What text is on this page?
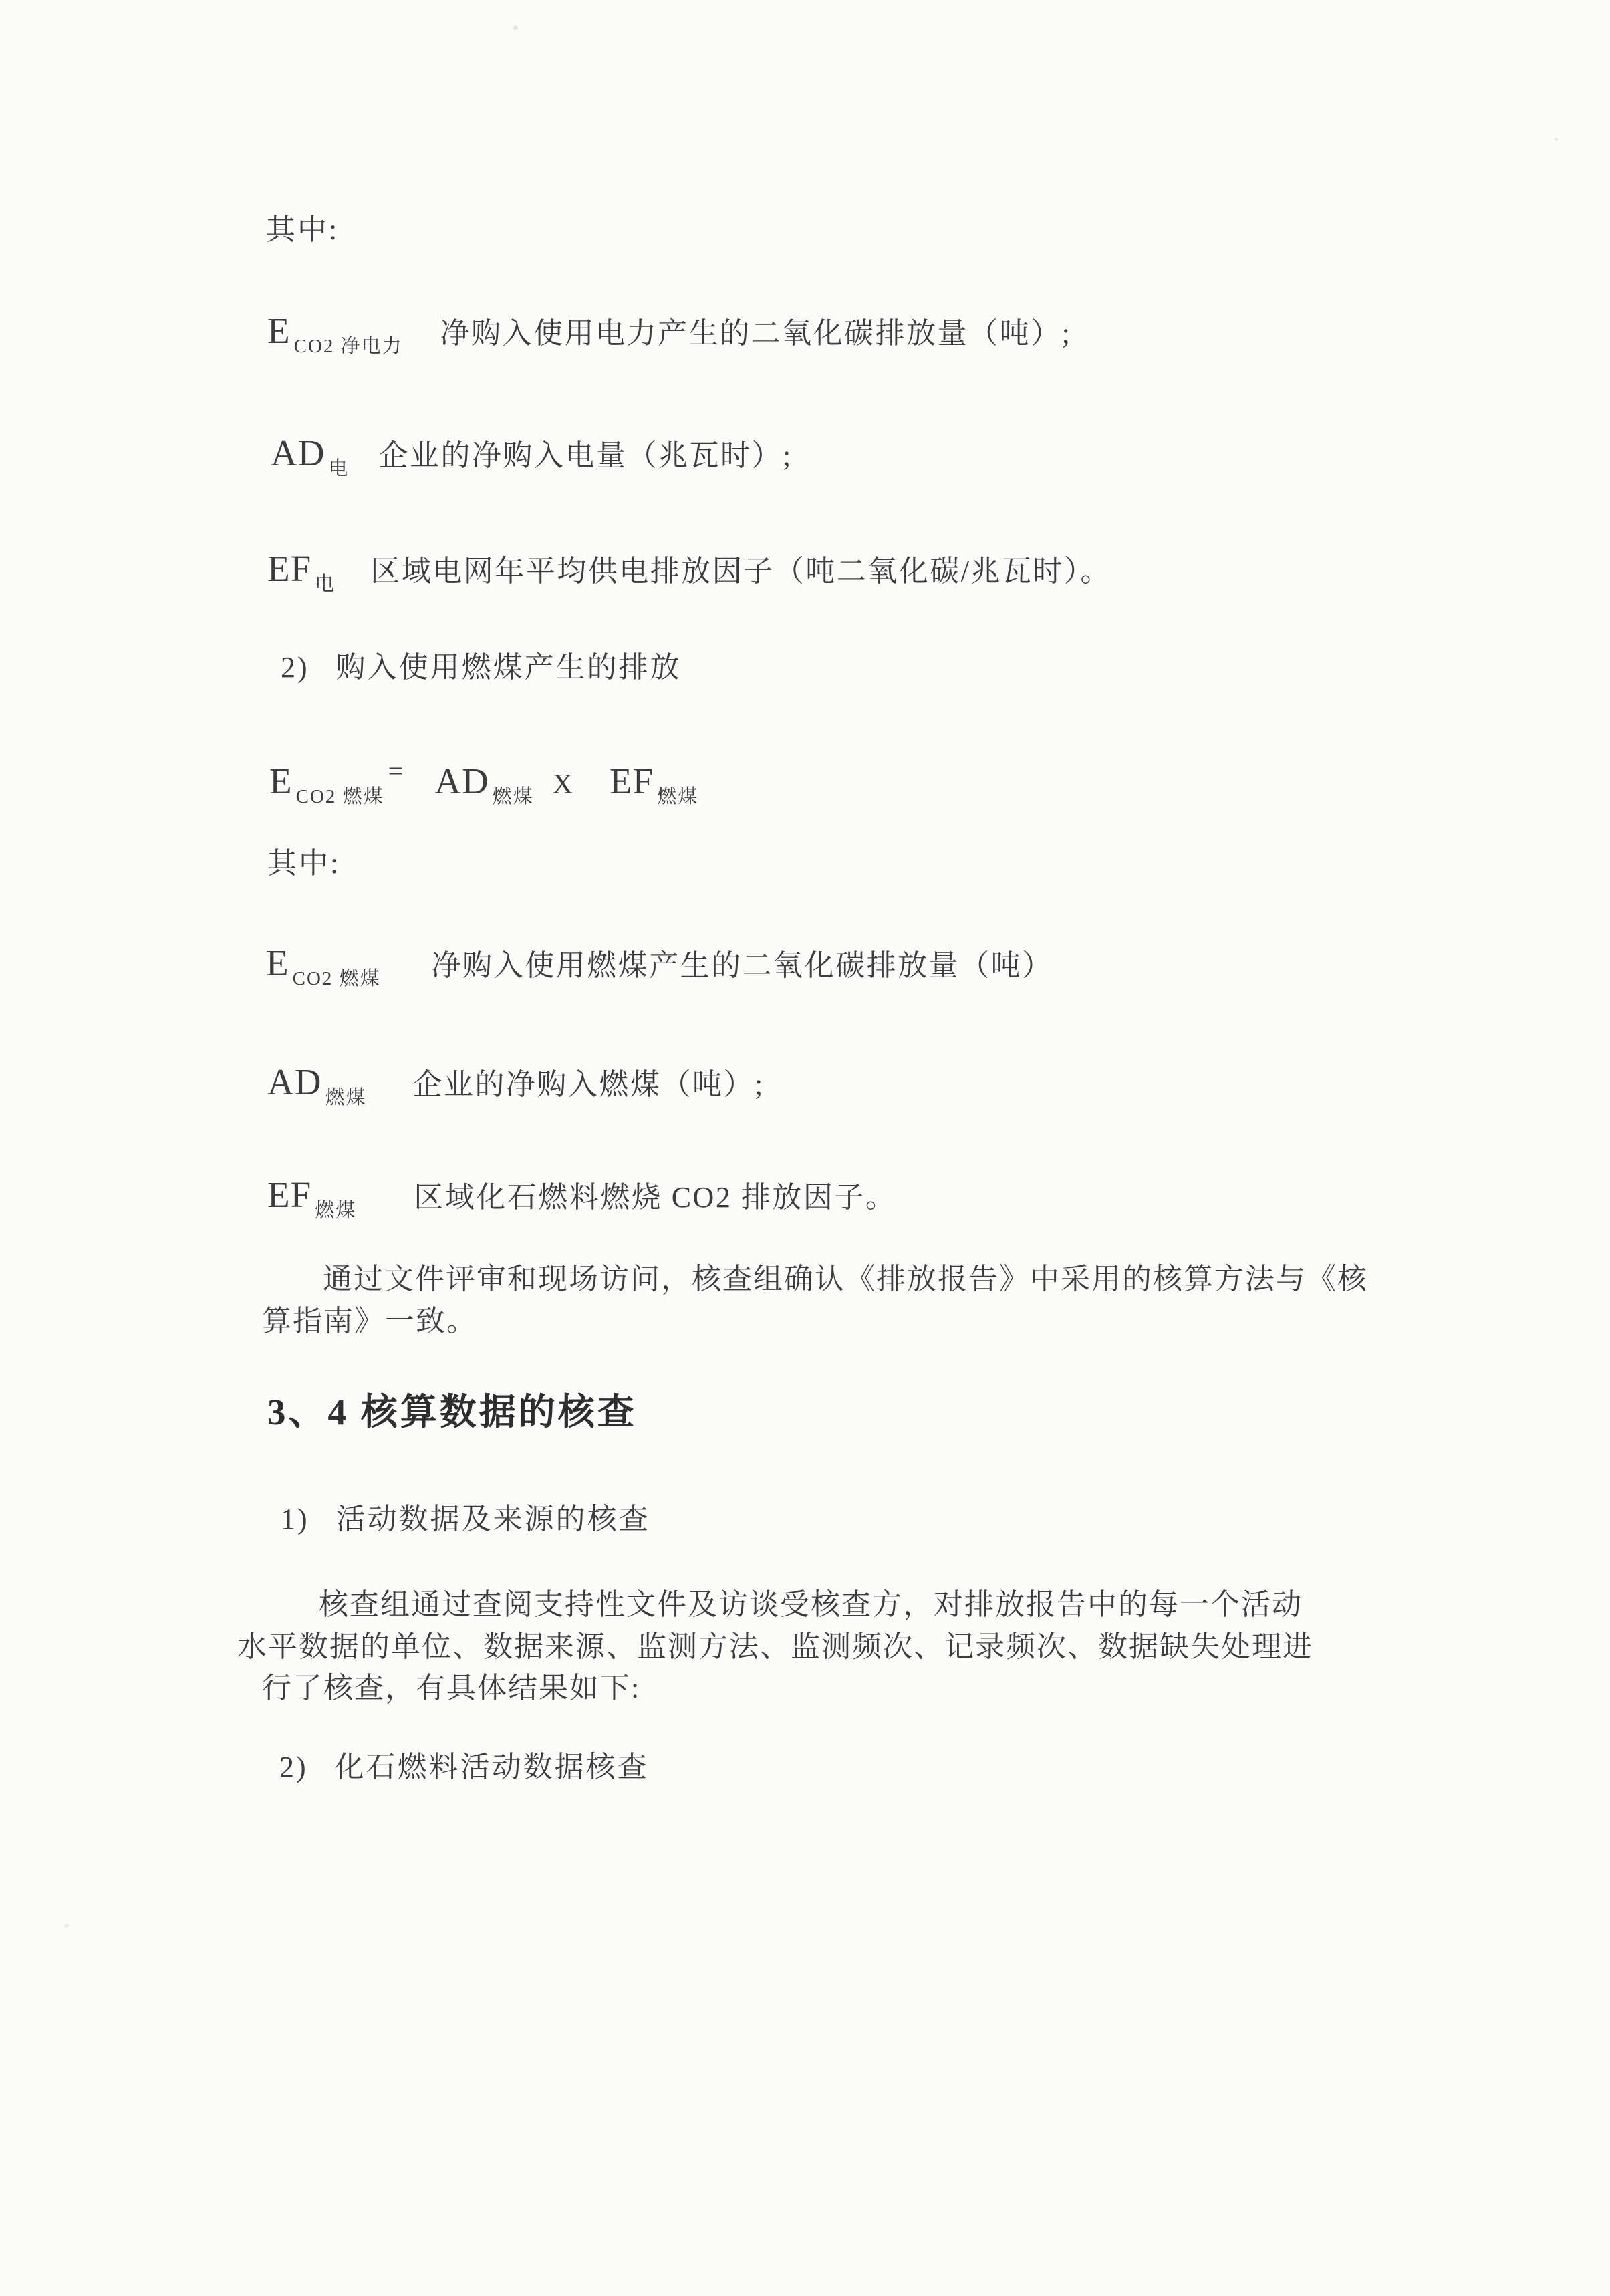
其中:
E $_{CO2 净电力}$ 净购入使用电力产生的二氧化碳排放量（吨）;
AD $_电$ 企业的净购入电量（兆瓦时）;
EF $_电$ 区域电网年平均供电排放因子（吨二氧化碳/兆瓦时）。
2) 购入使用燃煤产生的排放
E $_{CO2 燃煤}$= AD $_{燃煤}$ X EF $_{燃煤}$
其中:
E $_{CO2 燃煤}$ 净购入使用燃煤产生的二氧化碳排放量（吨）
AD $_{燃煤}$ 企业的净购入燃煤（吨）;
EF $_{燃煤}$ 区域化石燃料燃烧 CO2 排放因子。
通过文件评审和现场访问，核查组确认《排放报告》中采用的核算方法与《核
算指南》一致。
3、4 核算数据的核查
1) 活动数据及来源的核查
核查组通过查阅支持性文件及访谈受核查方，对排放报告中的每一个活动
水平数据的单位、数据来源、监测方法、监测频次、记录频次、数据缺失处理进
行了核查，有具体结果如下:
2) 化石燃料活动数据核查
